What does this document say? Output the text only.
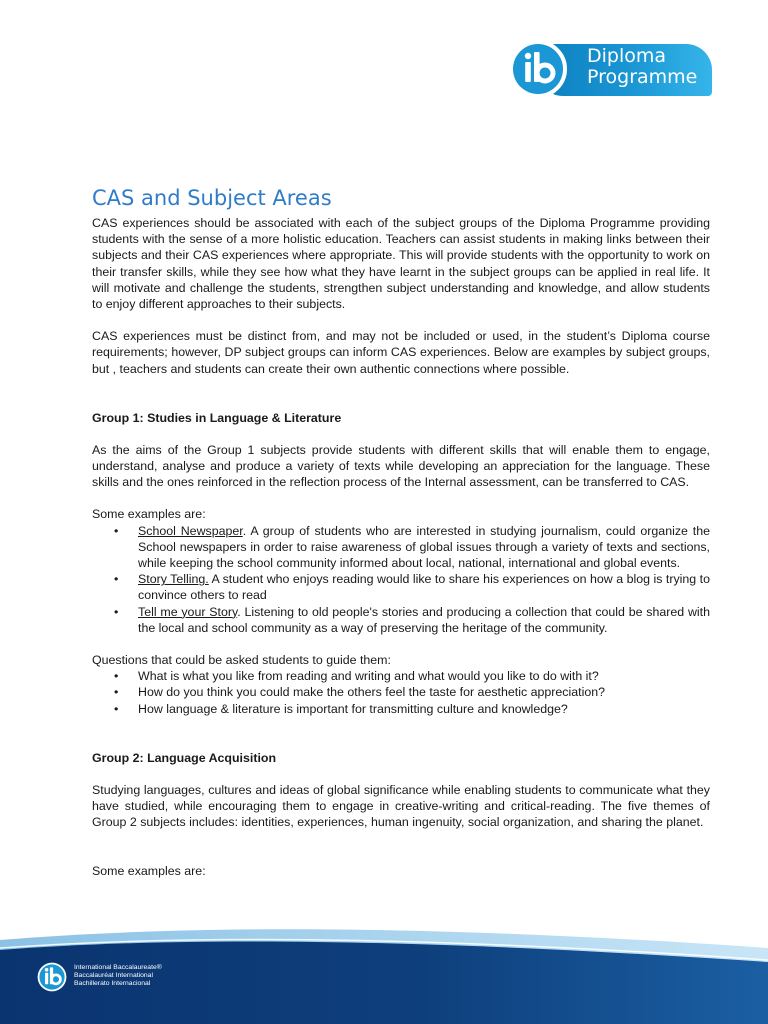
Diploma
Programme
CAS and Subject Areas

CAS experiences should be associated with each of the subject groups of the Diploma Programme providing students with the sense of a more holistic education. Teachers can assist students in making links between their subjects and their CAS experiences where appropriate. This will provide students with the opportunity to work on their transfer skills, while they see how what they have learnt in the subject groups can be applied in real life. It will motivate and challenge the students, strengthen subject understanding and knowledge, and allow students to enjoy different approaches to their subjects.

CAS experiences must be distinct from, and may not be included or used, in the student’s Diploma course requirements; however, DP subject groups can inform CAS experiences. Below are examples by subject groups, but , teachers and students can create their own authentic connections where possible.

Group 1: Studies in Language & Literature

As the aims of the Group 1 subjects provide students with different skills that will enable them to engage, understand, analyse and produce a variety of texts while developing an appreciation for the language. These skills and the ones reinforced in the reflection process of the Internal assessment, can be transferred to CAS.

Some examples are:

• School Newspaper. A group of students who are interested in studying journalism, could organize the School newspapers in order to raise awareness of global issues through a variety of texts and sections, while keeping the school community informed about local, national, international and global events.
• Story Telling. A student who enjoys reading would like to share his experiences on how a blog is trying to convince others to read
• Tell me your Story. Listening to old people's stories and producing a collection that could be shared with the local and school community as a way of preserving the heritage of the community.

Questions that could be asked students to guide them:

• What is what you like from reading and writing and what would you like to do with it?
• How do you think you could make the others feel the taste for aesthetic appreciation?
• How language & literature is important for transmitting culture and knowledge?
Group 2: Language Acquisition

Studying languages, cultures and ideas of global significance while enabling students to communicate what they have studied, while encouraging them to engage in creative-writing and critical-reading. The five themes of Group 2 subjects includes: identities, experiences, human ingenuity, social organization, and sharing the planet.

Some examples are:

International Baccalaureate®
Baccalauréat International
Bachillerato Internacional
